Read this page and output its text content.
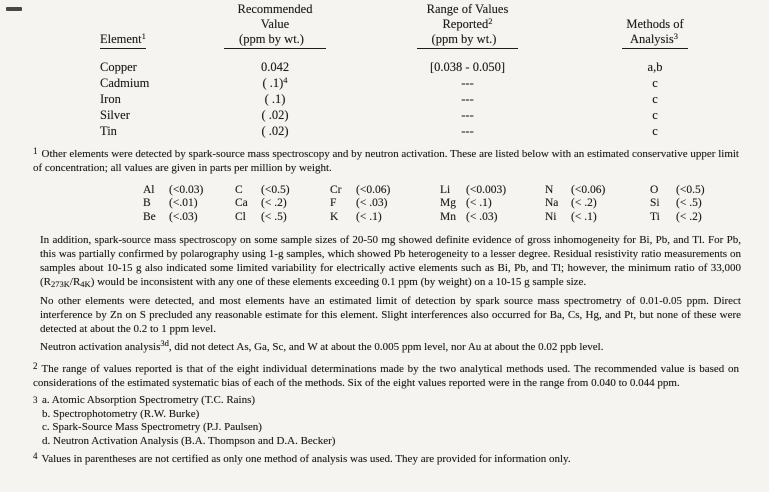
Element$^1$
Recommended
Value
(ppm by wt.)
Range of Values
Reported$^2$
(ppm by wt.)
Methods of
Analysis$^3$
Copper	0.042	[0.038 - 0.050]	a,b
Cadmium	( .1)$^4$	---	c
Iron	( .1)	---	c
Silver	( .02)	---	c
Tin	( .02)	---	c

$^1$ Other elements were detected by spark-source mass spectroscopy and by neutron activation. These are listed below with an estimated conservative upper limit of concentration; all values are given in parts per million by weight.

Al	(<0.03)	C	(<0.5)	Cr	(<0.06)	Li	(<0.003)	N	(<0.06)	O	(<0.5)
B	(<.01)	Ca	(< .2)	F	(< .03)	Mg (< .1)	Na	(< .2)	Si	(< .5)
Be	(<.03)	Cl	(< .5)	K	(< .1)	Mn (< .03)	Ni	(< .1)	Ti	(< .2)

In addition, spark-source mass spectroscopy on some sample sizes of 20-50 mg showed definite evidence of gross inhomogeneity for Bi, Pb, and Tl. For Pb, this was partially confirmed by polarography using 1-g samples, which showed Pb heterogeneity to a lesser degree. Residual resistivity ratio measurements on samples about 10-15 g also indicated some limited variability for electrically active elements such as Bi, Pb, and Tl; however, the minimum ratio of 33,000 $(R_{273K}/R_{4K})$ would be inconsistent with any one of these elements exceeding 0.1 ppm (by weight) on a 10-15 g sample size.

No other elements were detected, and most elements have an estimated limit of detection by spark source mass spectrometry of 0.01-0.05 ppm. Direct interference by Zn on S precluded any reasonable estimate for this element. Slight interferences also occurred for Ba, Cs, Hg, and Pt, but none of these were detected at about the 0.2 to 1 ppm level.

Neutron activation analysis$^{3d}$, did not detect As, Ga, Sc, and W at about the 0.005 ppm level, nor Au at about the 0.02 ppb level.

$^2$ The range of values reported is that of the eight individual determinations made by the two analytical methods used. The recommended value is based on considerations of the estimated systematic bias of each of the methods. Six of the eight values reported were in the range from 0.040 to 0.044 ppm.

3 a. Atomic Absorption Spectrometry (T.C. Rains)
b. Spectrophotometry (R.W. Burke)
c. Spark-Source Mass Spectrometry (P.J. Paulsen)
d. Neutron Activation Analysis (B.A. Thompson and D.A. Becker)

$^4$ Values in parentheses are not certified as only one method of analysis was used. They are provided for information only.
